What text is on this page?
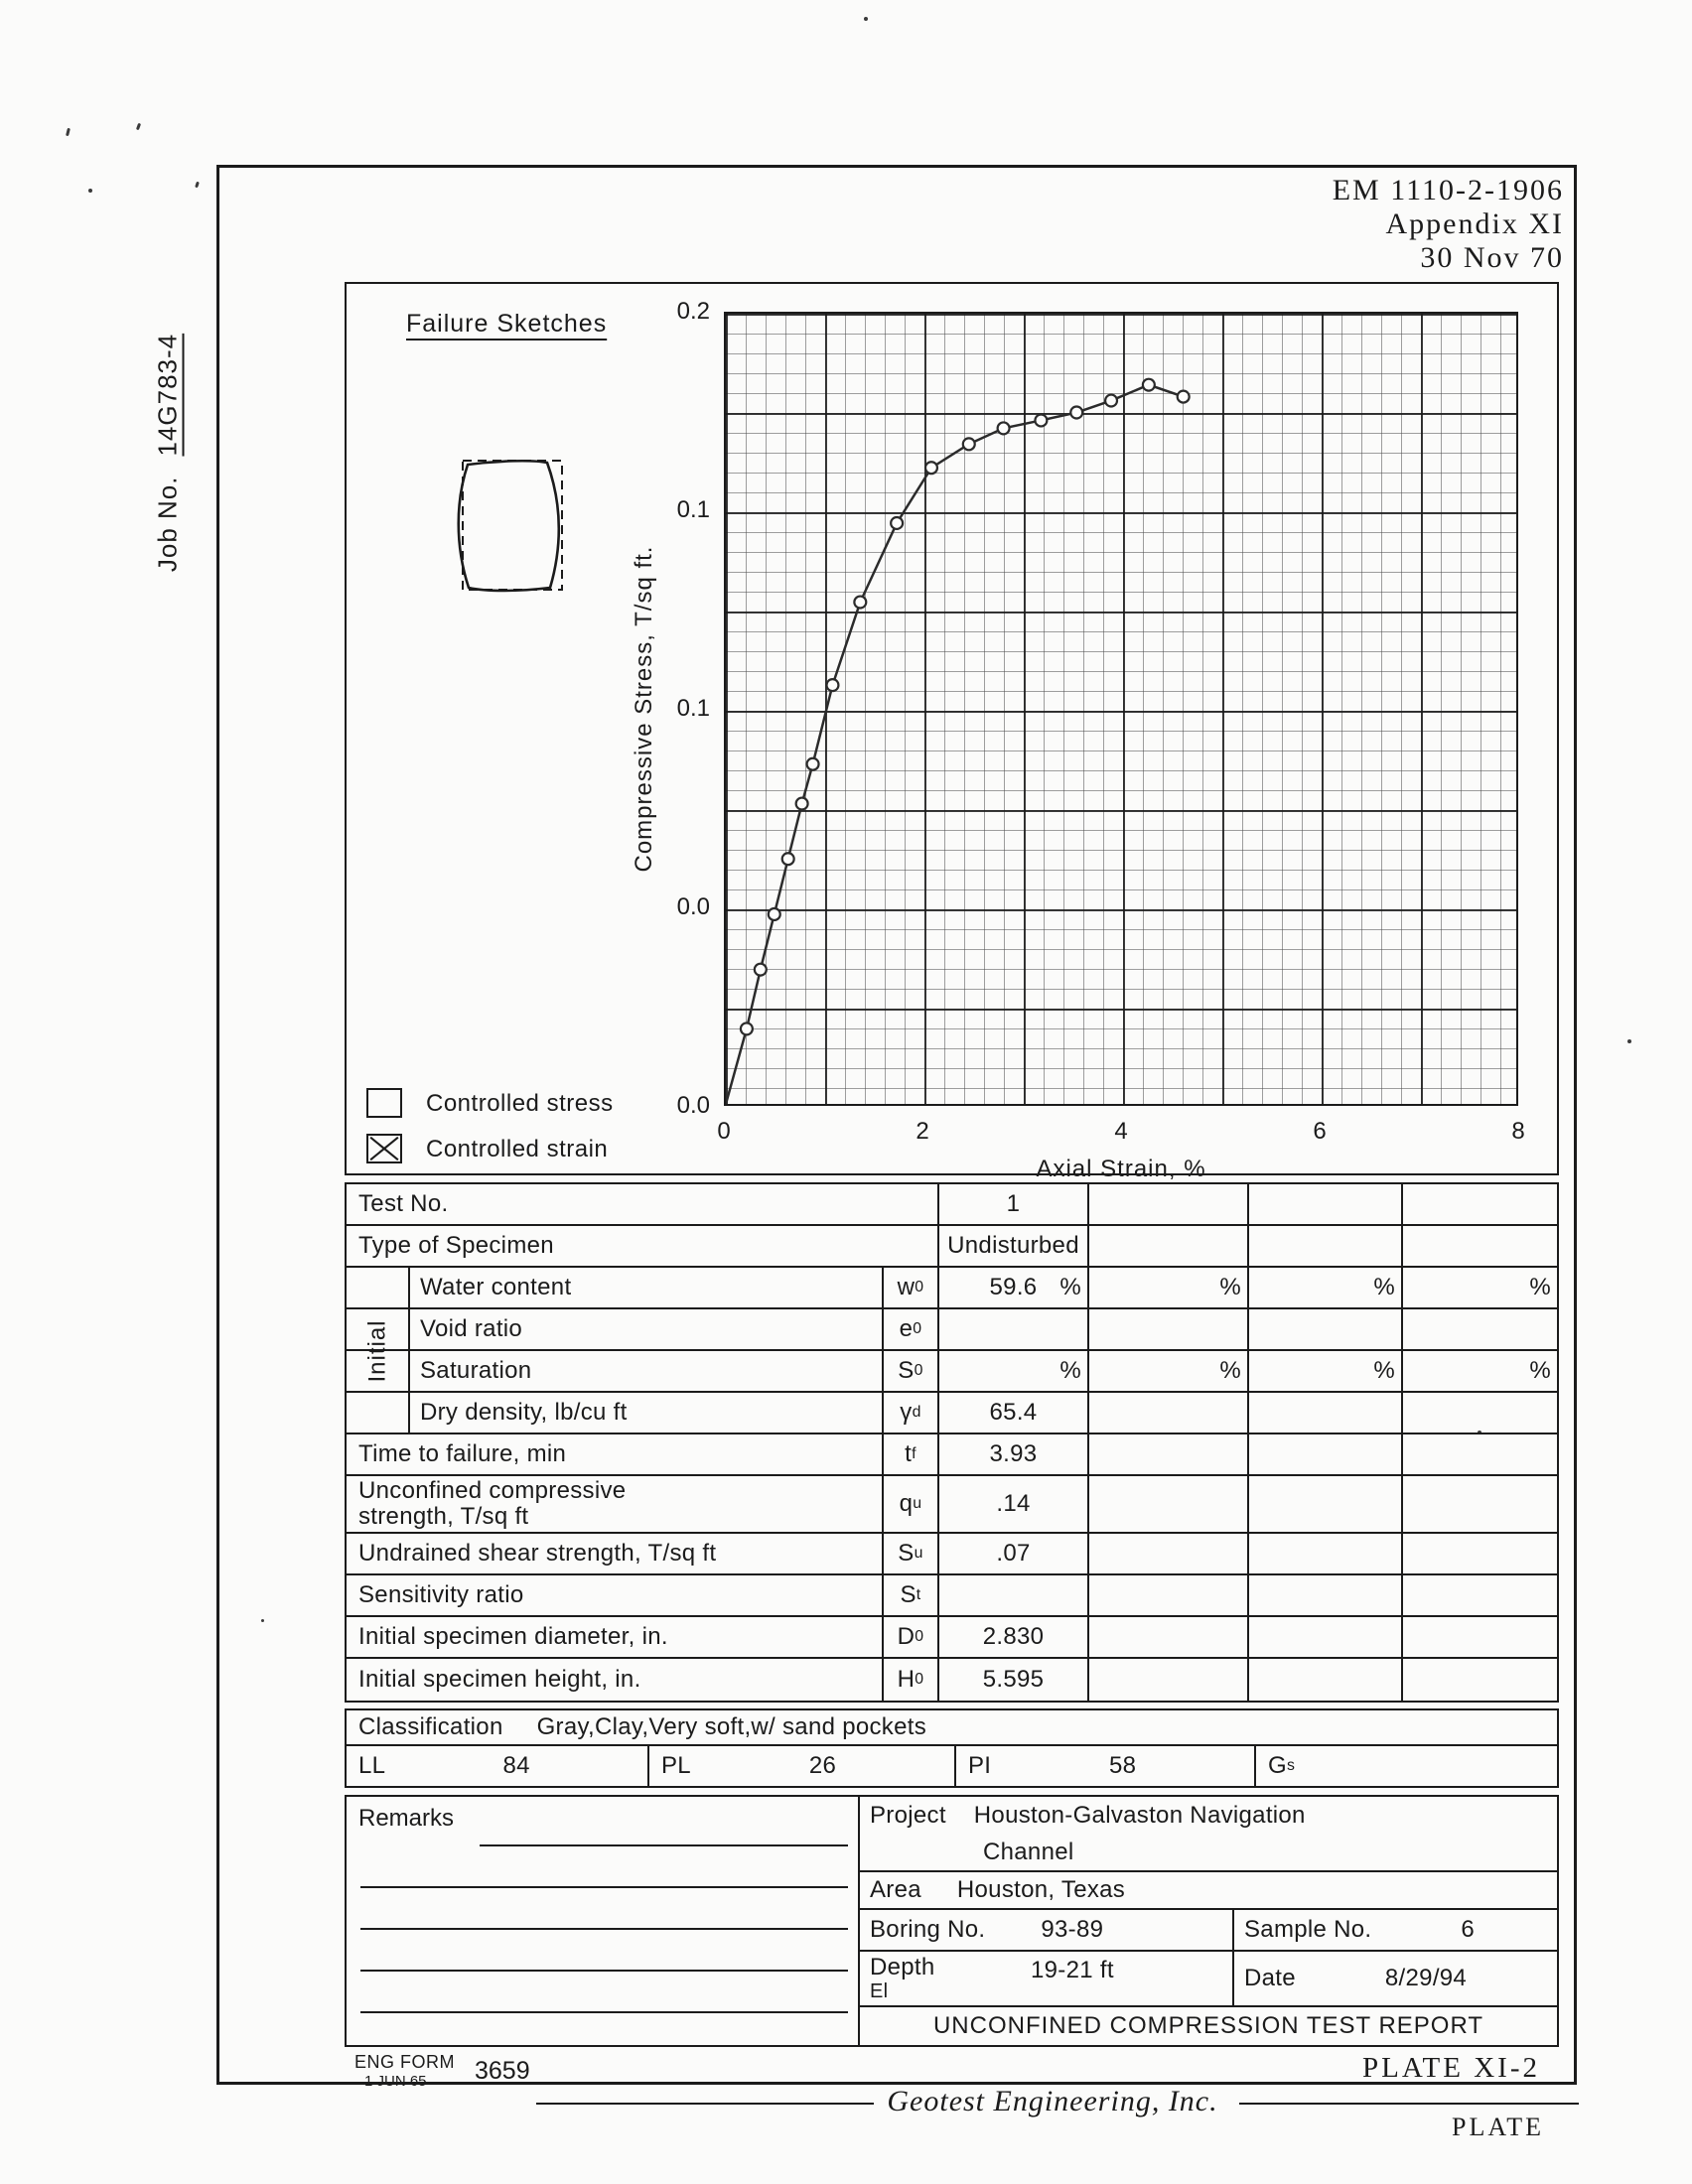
Job No.14G783-4
EM 1110-2-1906
Appendix XI
30 Nov 70
Failure Sketches
Compressive Stress, T/sq ft.
0.2
0.1
0.1
0.0
0.0
0	2	4	6	8
Axial Strain, %
Controlled stress
Controlled strain
Initial
Test No.	1
Type of Specimen	Undisturbed
Water content	w 0	59.6 %	%	%	%
Void ratio	e 0
Saturation	S 0	%	%	%	%
Dry density, lb/cu ft	γ d	65.4
Time to failure, min	t f	3.93
Unconfined compressive
strength, T/sq ft	q u	.14
Undrained shear strength, T/sq ft	S u	.07
Sensitivity ratio	S t
Initial specimen diameter, in.	D 0	2.830
Initial specimen height, in.	H 0	5.595
Classification Gray,Clay,Very soft,w/ sand pockets
LL	84	PL	26	PI	58	G s
Remarks	Project Houston-Galvaston Navigation
Channel
Area Houston, Texas
Boring No. 93-89	Sample No.	6
Depth
El
19-21 ft	Date	8/29/94
UNCONFINED COMPRESSION TEST REPORT
ENG FORM
1 JUN 65	3659	PLATE XI-2
Geotest Engineering, Inc.
PLATE
